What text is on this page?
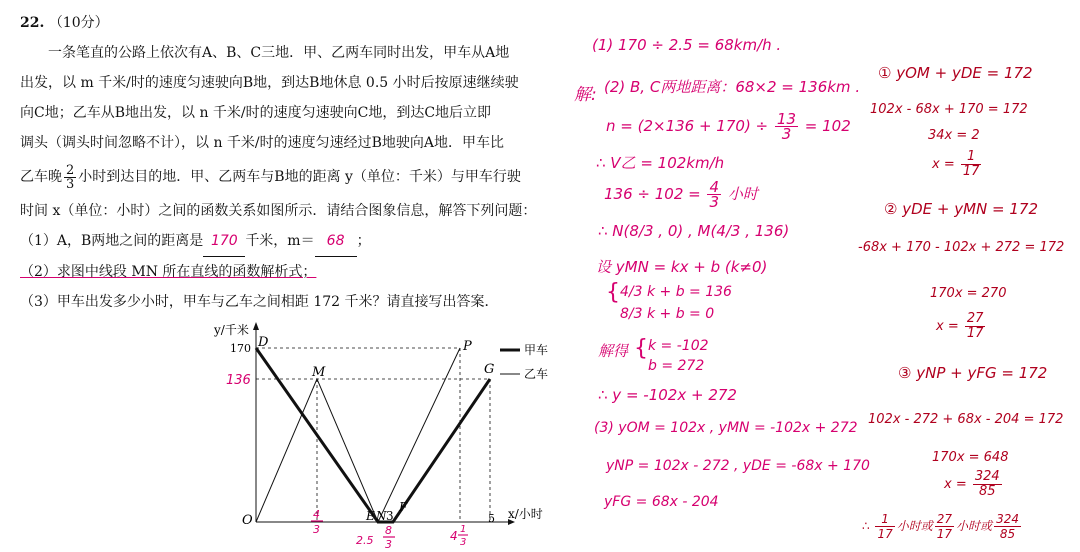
22. （10分）
一条笔直的公路上依次有A、B、C三地．甲、乙两车同时出发，甲车从A地
出发，以 m 千米/时的速度匀速驶向B地，到达B地休息 0.5 小时后按原速继续驶
向C地；乙车从B地出发，以 n 千米/时的速度匀速驶向C地，到达C地后立即
调头（调头时间忽略不计），以 n 千米/时的速度匀速经过B地驶向A地．甲车比
乙车晚 $\frac{2}{3}$ 小时到达目的地．甲、乙两车与B地的距离 y（单位：千米）与甲车行驶
时间 x（单位：小时）之间的函数关系如图所示．请结合图象信息，解答下列问题：
（1）A，B两地之间的距离是 170 千米，m＝ 68 ；
（2）求图中线段 MN 所在直线的函数解析式；
（3）甲车出发多少小时，甲车与乙车之间相距 172 千米？请直接写出答案．
y/千米
x/小时
O
170
5
D
M
P
G
E N 3
F
甲车
乙车
136
4
3
2.5
8
3
4 1
3
(1) 170 ÷ 2.5 = 68km/h .
解: (2) B, C两地距离：68×2 = 136km .
$n = (2\times 136 + 170) \div \frac{13}{3} = 102$
∴ V乙 = 102km/h
$136 \div 102 = \frac{4}{3}$ 小时
∴ N(8/3 , 0) , M(4/3 , 136)
设 yMN = kx + b (k≠0)
{ 4/3 k + b = 136
8/3 k + b = 0
解得 { k = -102
b = 272
∴ y = -102x + 272
(3) yOM = 102x , yMN = -102x + 272
yNP = 102x - 272 , yDE = -68x + 170
yFG = 68x - 204
① yOM + yDE = 172
102x - 68x + 170 = 172
34x = 2
$x = \frac{1}{17}$
② yDE + yMN = 172
-68x + 170 - 102x + 272 = 172
170x = 270
$x = \frac{27}{17}$
③ yNP + yFG = 172
102x - 272 + 68x - 204 = 172
170x = 648
$x = \frac{324}{85}$
∴ $\frac{1}{17}$ 小时或 $\frac{27}{17}$ 小时或 $\frac{324}{85}$
